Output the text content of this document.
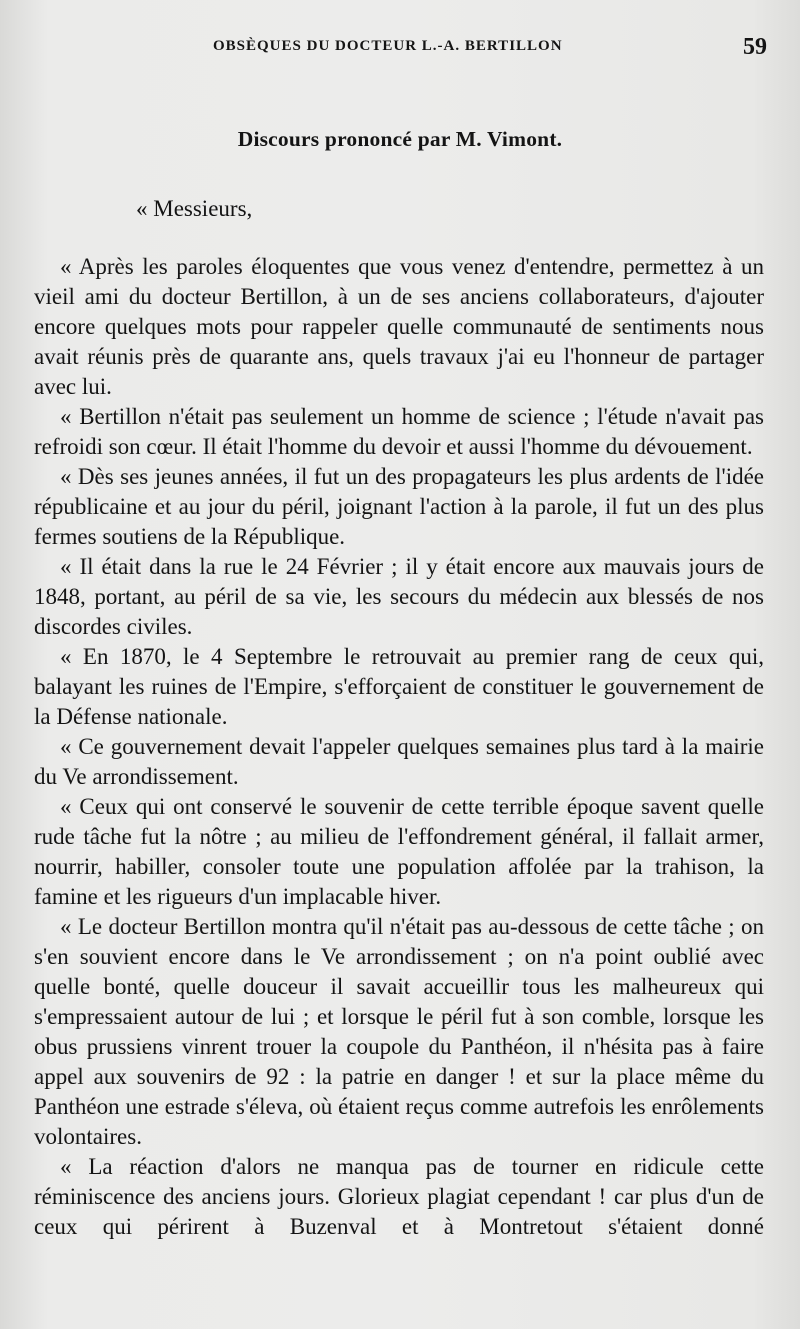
OBSÈQUES DU DOCTEUR L.-A. BERTILLON	59
Discours prononcé par M. Vimont.
« Messieurs,

« Après les paroles éloquentes que vous venez d'entendre, permettez à un vieil ami du docteur Bertillon, à un de ses anciens collaborateurs, d'ajouter encore quelques mots pour rappeler quelle communauté de sentiments nous avait réunis près de quarante ans, quels travaux j'ai eu l'honneur de partager avec lui.

« Bertillon n'était pas seulement un homme de science ; l'étude n'avait pas refroidi son cœur. Il était l'homme du devoir et aussi l'homme du dévouement.

« Dès ses jeunes années, il fut un des propagateurs les plus ardents de l'idée républicaine et au jour du péril, joignant l'action à la parole, il fut un des plus fermes soutiens de la République.

« Il était dans la rue le 24 Février ; il y était encore aux mauvais jours de 1848, portant, au péril de sa vie, les secours du médecin aux blessés de nos discordes civiles.

« En 1870, le 4 Septembre le retrouvait au premier rang de ceux qui, balayant les ruines de l'Empire, s'efforçaient de constituer le gouvernement de la Défense nationale.

« Ce gouvernement devait l'appeler quelques semaines plus tard à la mairie du Ve arrondissement.

« Ceux qui ont conservé le souvenir de cette terrible époque savent quelle rude tâche fut la nôtre ; au milieu de l'effondrement général, il fallait armer, nourrir, habiller, consoler toute une population affolée par la trahison, la famine et les rigueurs d'un implacable hiver.

« Le docteur Bertillon montra qu'il n'était pas au-dessous de cette tâche ; on s'en souvient encore dans le Ve arrondissement ; on n'a point oublié avec quelle bonté, quelle douceur il savait accueillir tous les malheureux qui s'empressaient autour de lui ; et lorsque le péril fut à son comble, lorsque les obus prussiens vinrent trouer la coupole du Panthéon, il n'hésita pas à faire appel aux souvenirs de 92 : la patrie en danger ! et sur la place même du Panthéon une estrade s'éleva, où étaient reçus comme autrefois les enrôlements volontaires.

« La réaction d'alors ne manqua pas de tourner en ridicule cette réminiscence des anciens jours. Glorieux plagiat cependant ! car plus d'un de ceux qui périrent à Buzenval et à Montretout s'étaient donné
